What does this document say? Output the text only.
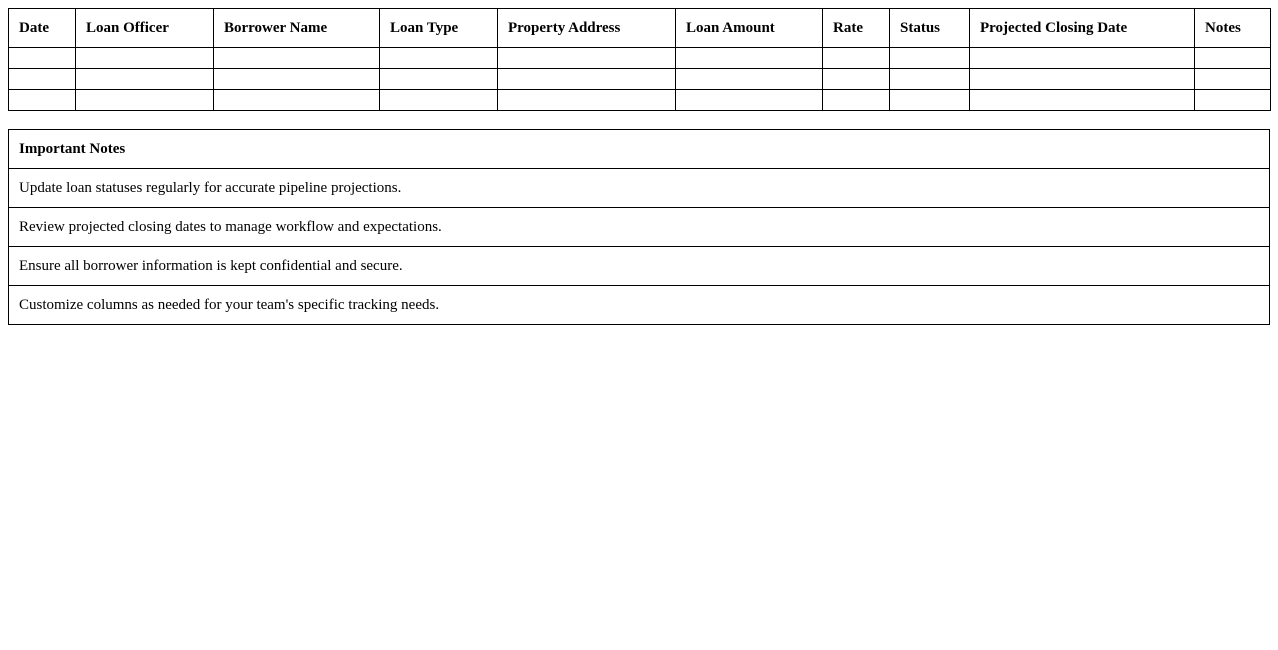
Date	Loan Officer	Borrower Name	Loan Type	Property Address	Loan Amount	Rate	Status	Projected Closing Date	Notes

Important Notes
Update loan statuses regularly for accurate pipeline projections.
Review projected closing dates to manage workflow and expectations.
Ensure all borrower information is kept confidential and secure.
Customize columns as needed for your team's specific tracking needs.
